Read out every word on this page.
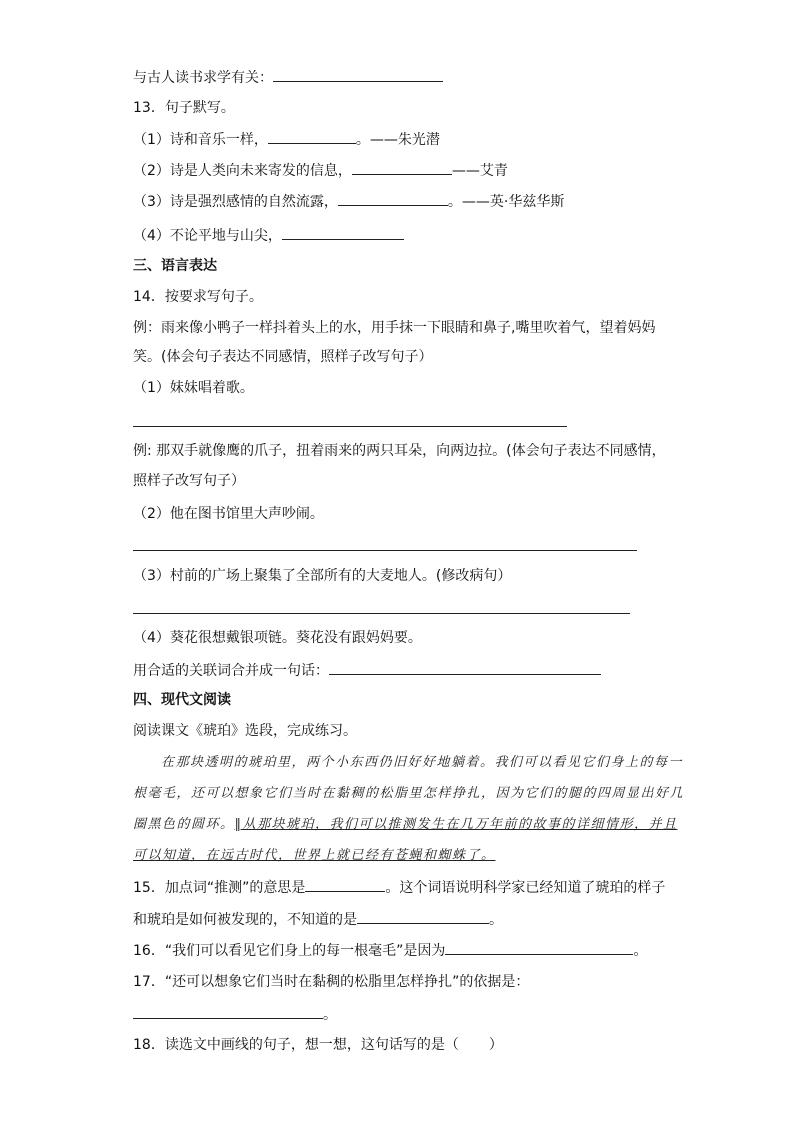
与古人读书求学有关：
13．句子默写。
（1）诗和音乐一样，	。——朱光潜
（2）诗是人类向未来寄发的信息，	——艾青
（3）诗是强烈感情的自然流露，	。——英·华兹华斯
（4）不论平地与山尖，
三、语言表达
14．按要求写句子。
例：雨来像小鸭子一样抖着头上的水，用手抹一下眼睛和鼻子,嘴里吹着气，望着妈妈
笑。(体会句子表达不同感情，照样子改写句子）
（1）妹妹唱着歌。
例: 那双手就像鹰的爪子，扭着雨来的两只耳朵，向两边拉。(体会句子表达不同感情，
照样子改写句子）
（2）他在图书馆里大声吵闹。
（3）村前的广场上聚集了全部所有的大麦地人。(修改病句）
（4）葵花很想戴银项链。葵花没有跟妈妈要。
用合适的关联词合并成一句话：
四、现代文阅读
阅读课文《琥珀》选段，完成练习。
在那块透明的琥珀里，两个小东西仍旧好好地躺着。我们可以看见它们身上的每一
根毫毛，还可以想象它们当时在黏稠的松脂里怎样挣扎，因为它们的腿的四周显出好几
圈黑色的圆环。‖从那块琥珀，我们可以推测发生在几万年前的故事的详细情形，并且
可以知道，在远古时代，世界上就已经有苍蝇和蜘蛛了。
15．加点词“推测”的意思是	。这个词语说明科学家已经知道了琥珀的样子
和琥珀是如何被发现的，不知道的是	。
16．“我们可以看见它们身上的每一根毫毛”是因为	。
17．“还可以想象它们当时在黏稠的松脂里怎样挣扎”的依据是：
。
18．读选文中画线的句子，想一想，这句话写的是（ ）
